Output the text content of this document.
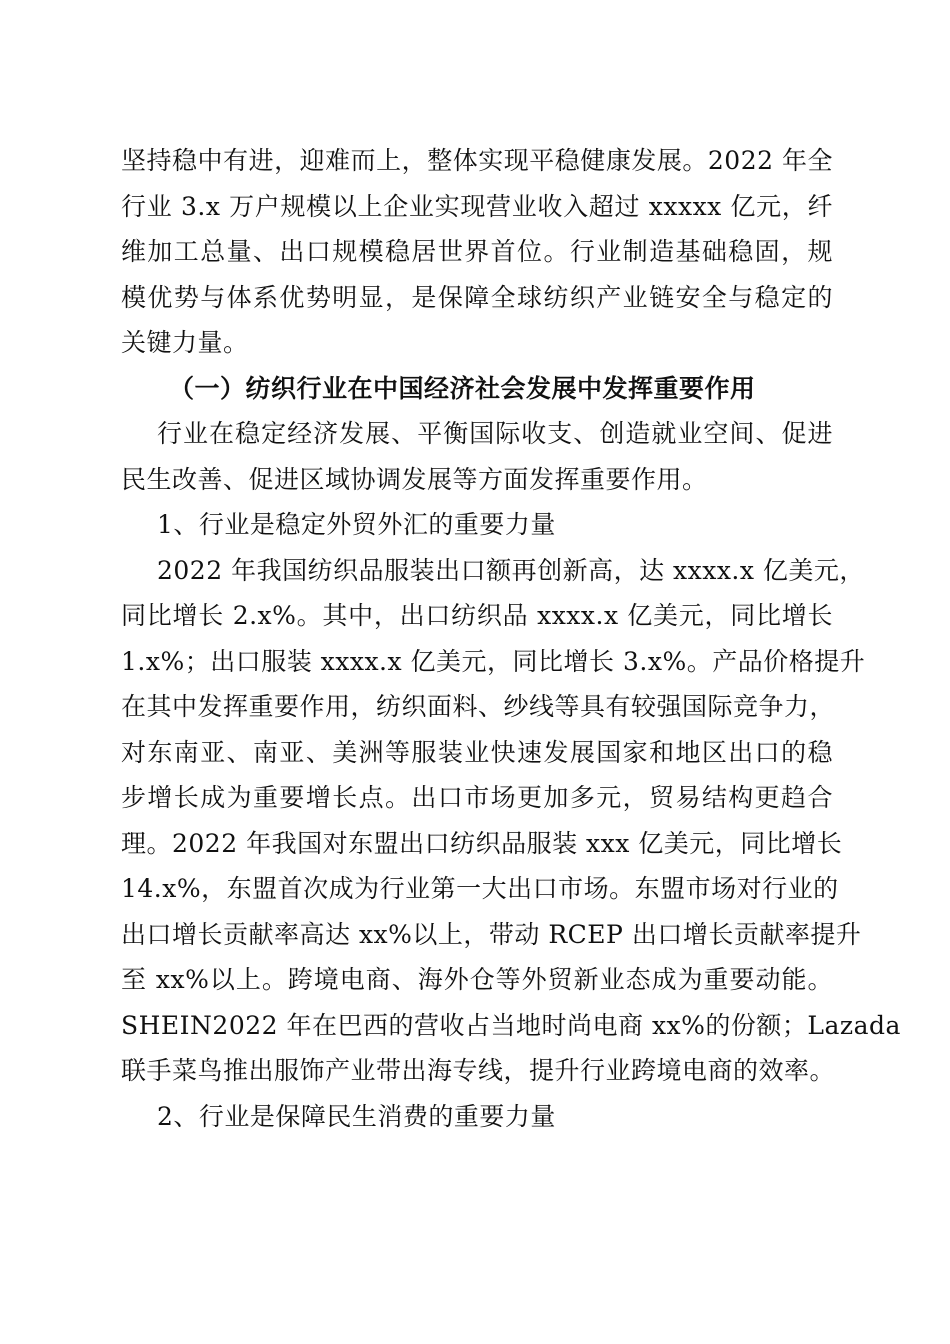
坚持稳中有进，迎难而上，整体实现平稳健康发展。2022 年全
行业 3.x 万户规模以上企业实现营业收入超过 xxxxx 亿元，纤
维加工总量、出口规模稳居世界首位。行业制造基础稳固，规
模优势与体系优势明显，是保障全球纺织产业链安全与稳定的
关键力量。
（一）纺织行业在中国经济社会发展中发挥重要作用
行业在稳定经济发展、平衡国际收支、创造就业空间、促进
民生改善、促进区域协调发展等方面发挥重要作用。
1、行业是稳定外贸外汇的重要力量
2022 年我国纺织品服装出口额再创新高，达 xxxx.x 亿美元，
同比增长 2.x%。其中，出口纺织品 xxxx.x 亿美元，同比增长
1.x%；出口服装 xxxx.x 亿美元，同比增长 3.x%。产品价格提升
在其中发挥重要作用，纺织面料、纱线等具有较强国际竞争力，
对东南亚、南亚、美洲等服装业快速发展国家和地区出口的稳
步增长成为重要增长点。出口市场更加多元，贸易结构更趋合
理。2022 年我国对东盟出口纺织品服装 xxx 亿美元，同比增长
14.x%，东盟首次成为行业第一大出口市场。东盟市场对行业的
出口增长贡献率高达 xx%以上，带动 RCEP 出口增长贡献率提升
至 xx%以上。跨境电商、海外仓等外贸新业态成为重要动能。
SHEIN2022 年在巴西的营收占当地时尚电商 xx%的份额；Lazada
联手菜鸟推出服饰产业带出海专线，提升行业跨境电商的效率。
2、行业是保障民生消费的重要力量
